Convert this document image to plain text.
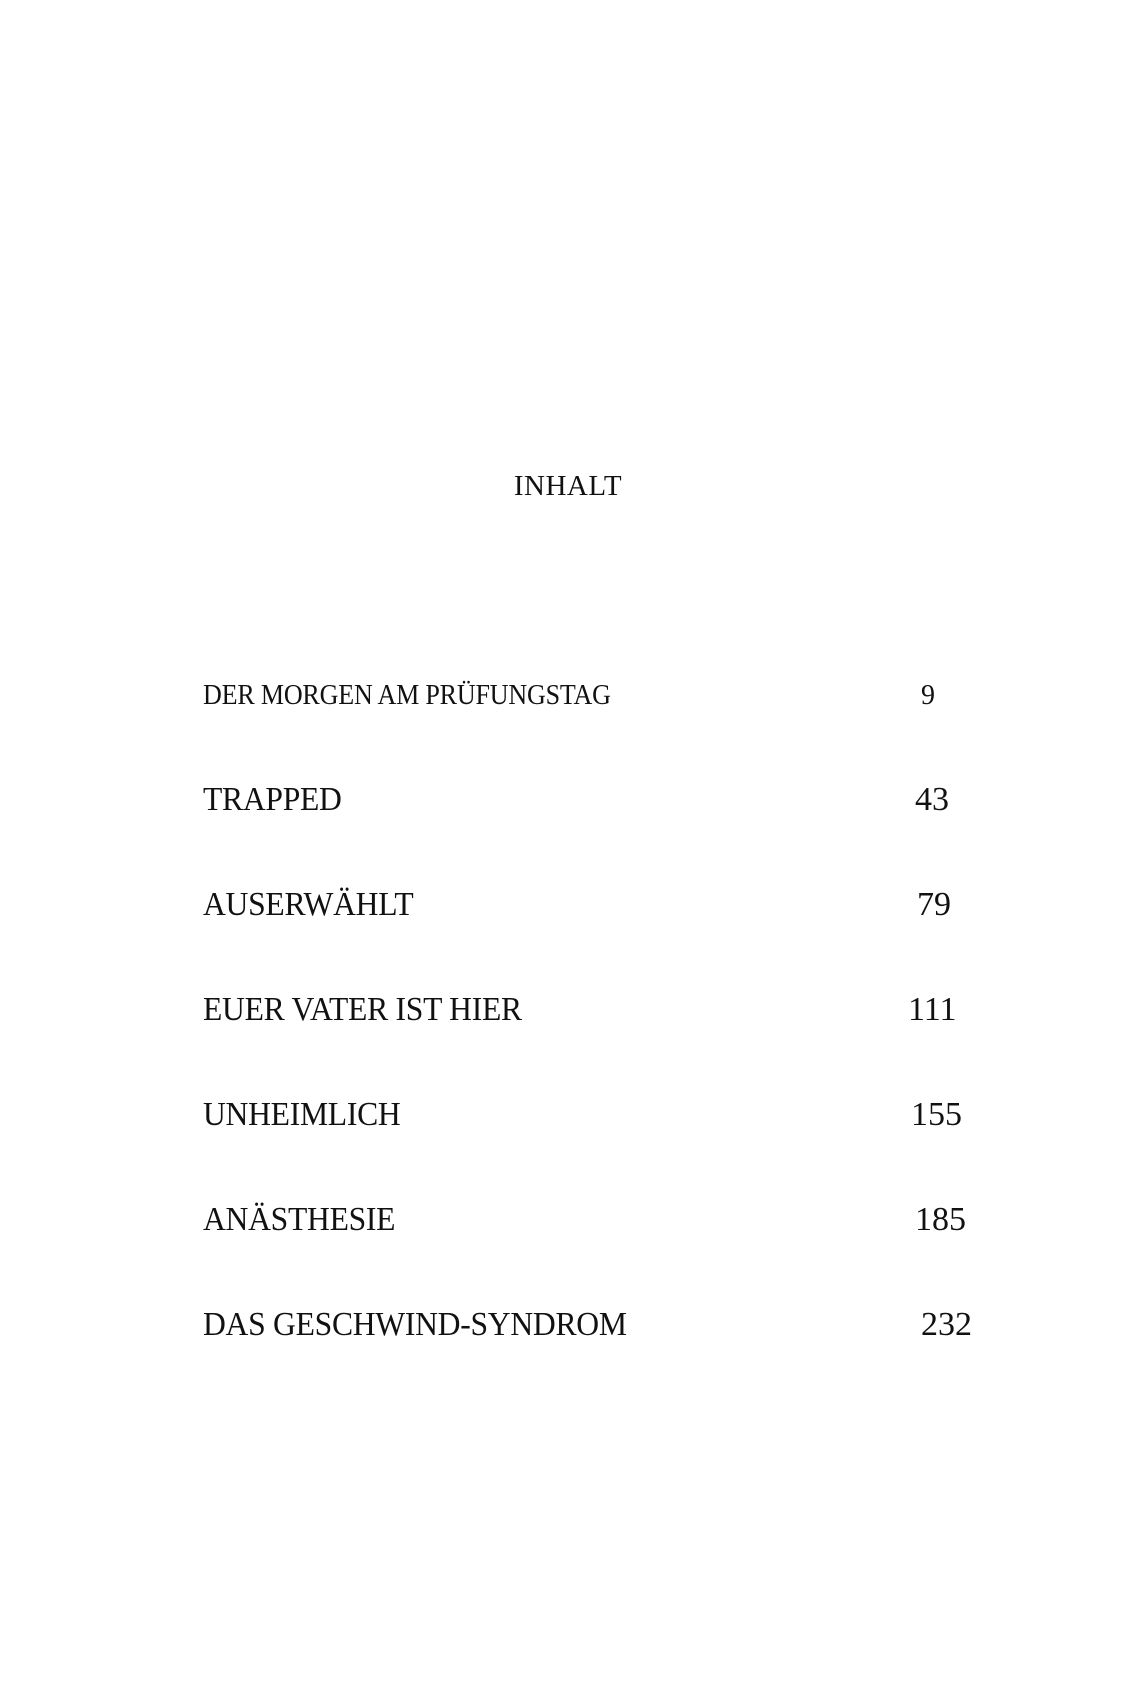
INHALT
DER MORGEN AM PRÜFUNGSTAG	9
TRAPPED	43
AUSERWÄHLT	79
EUER VATER IST HIER	111
UNHEIMLICH	155
ANÄSTHESIE	185
DAS GESCHWIND-SYNDROM	232
